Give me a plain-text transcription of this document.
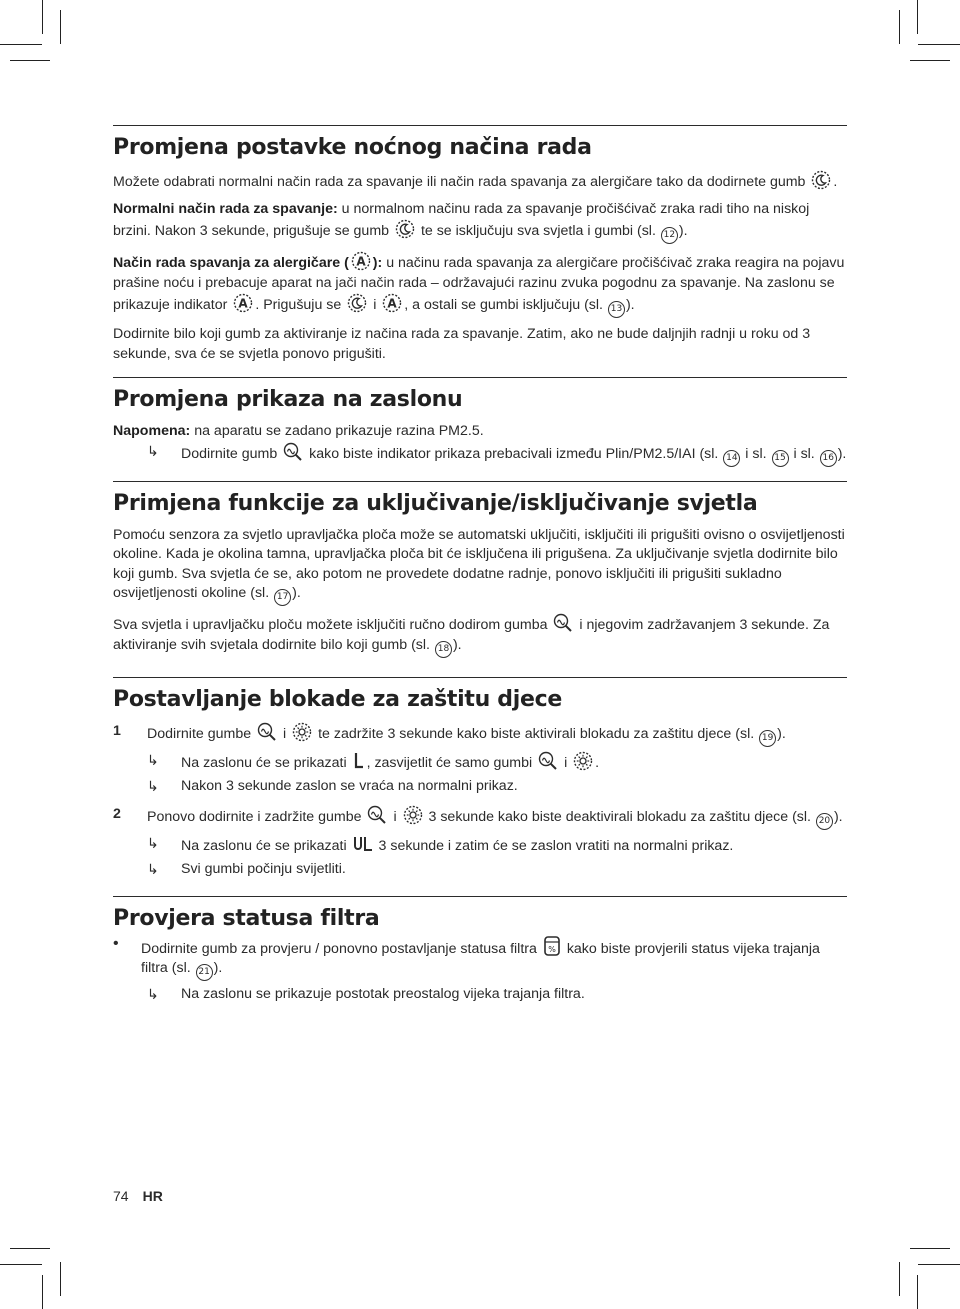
Promjena postavke noćnog načina rada

Možete odabrati normalni način rada za spavanje ili način rada spavanja za alergičare tako da dodirnete gumb .

Normalni način rada za spavanje: u normalnom načinu rada za spavanje pročišćivač zraka radi tiho na niskoj brzini. Nakon 3 sekunde, prigušuje se gumb te se isključuju sva svjetla i gumbi (sl. 12 ).

Način rada spavanja za alergičare ( A ): u načinu rada spavanja za alergičare pročišćivač zraka reagira na pojavu prašine noću i prebacuje aparat na jači način rada – održavajući razinu zvuka pogodnu za spavanje. Na zaslonu se prikazuje indikator A . Prigušuju se i A , a ostali se gumbi isključuju (sl. 13 ).

Dodirnite bilo koji gumb za aktiviranje iz načina rada za spavanje. Zatim, ako ne bude daljnjih radnji u roku od 3 sekunde, sva će se svjetla ponovo prigušiti.

Promjena prikaza na zaslonu

Napomena: na aparatu se zadano prikazuje razina PM2.5.

↳ Dodirnite gumb kako biste indikator prikaza prebacivali između Plin/PM2.5/IAI (sl. 14 i sl. 15 i sl. 16 ).
Primjena funkcije za uključivanje/isključivanje svjetla

Pomoću senzora za svjetlo upravljačka ploča može se automatski uključiti, isključiti ili prigušiti ovisno o osvijetljenosti okoline. Kada je okolina tamna, upravljačka ploča bit će isključena ili prigušena. Za uključivanje svjetla dodirnite bilo koji gumb. Sva svjetla će se, ako potom ne provedete dodatne radnje, ponovo isključiti ili prigušiti sukladno osvijetljenosti okoline (sl. 17 ).

Sva svjetla i upravljačku ploču možete isključiti ručno dodirom gumba i njegovim zadržavanjem 3 sekunde. Za aktiviranje svih svjetala dodirnite bilo koji gumb (sl. 18 ).

Postavljanje blokade za zaštitu djece
1 Dodirnite gumbe i te zadržite 3 sekunde kako biste aktivirali blokadu za zaštitu djece (sl. 19 ).
↳ Na zaslonu će se prikazati , zasvijetlit će samo gumbi i .
↳ Nakon 3 sekunde zaslon se vraća na normalni prikaz.
2 Ponovo dodirnite i zadržite gumbe i 3 sekunde kako biste deaktivirali blokadu za zaštitu djece (sl. 20 ).
↳ Na zaslonu će se prikazati 3 sekunde i zatim će se zaslon vratiti na normalni prikaz.
↳ Svi gumbi počinju svijetliti.
Provjera statusa filtra
• Dodirnite gumb za provjeru / ponovno postavljanje statusa filtra % kako biste provjerili status vijeka trajanja filtra (sl. 21 ).
↳ Na zaslonu se prikazuje postotak preostalog vijeka trajanja filtra.
74 HR
